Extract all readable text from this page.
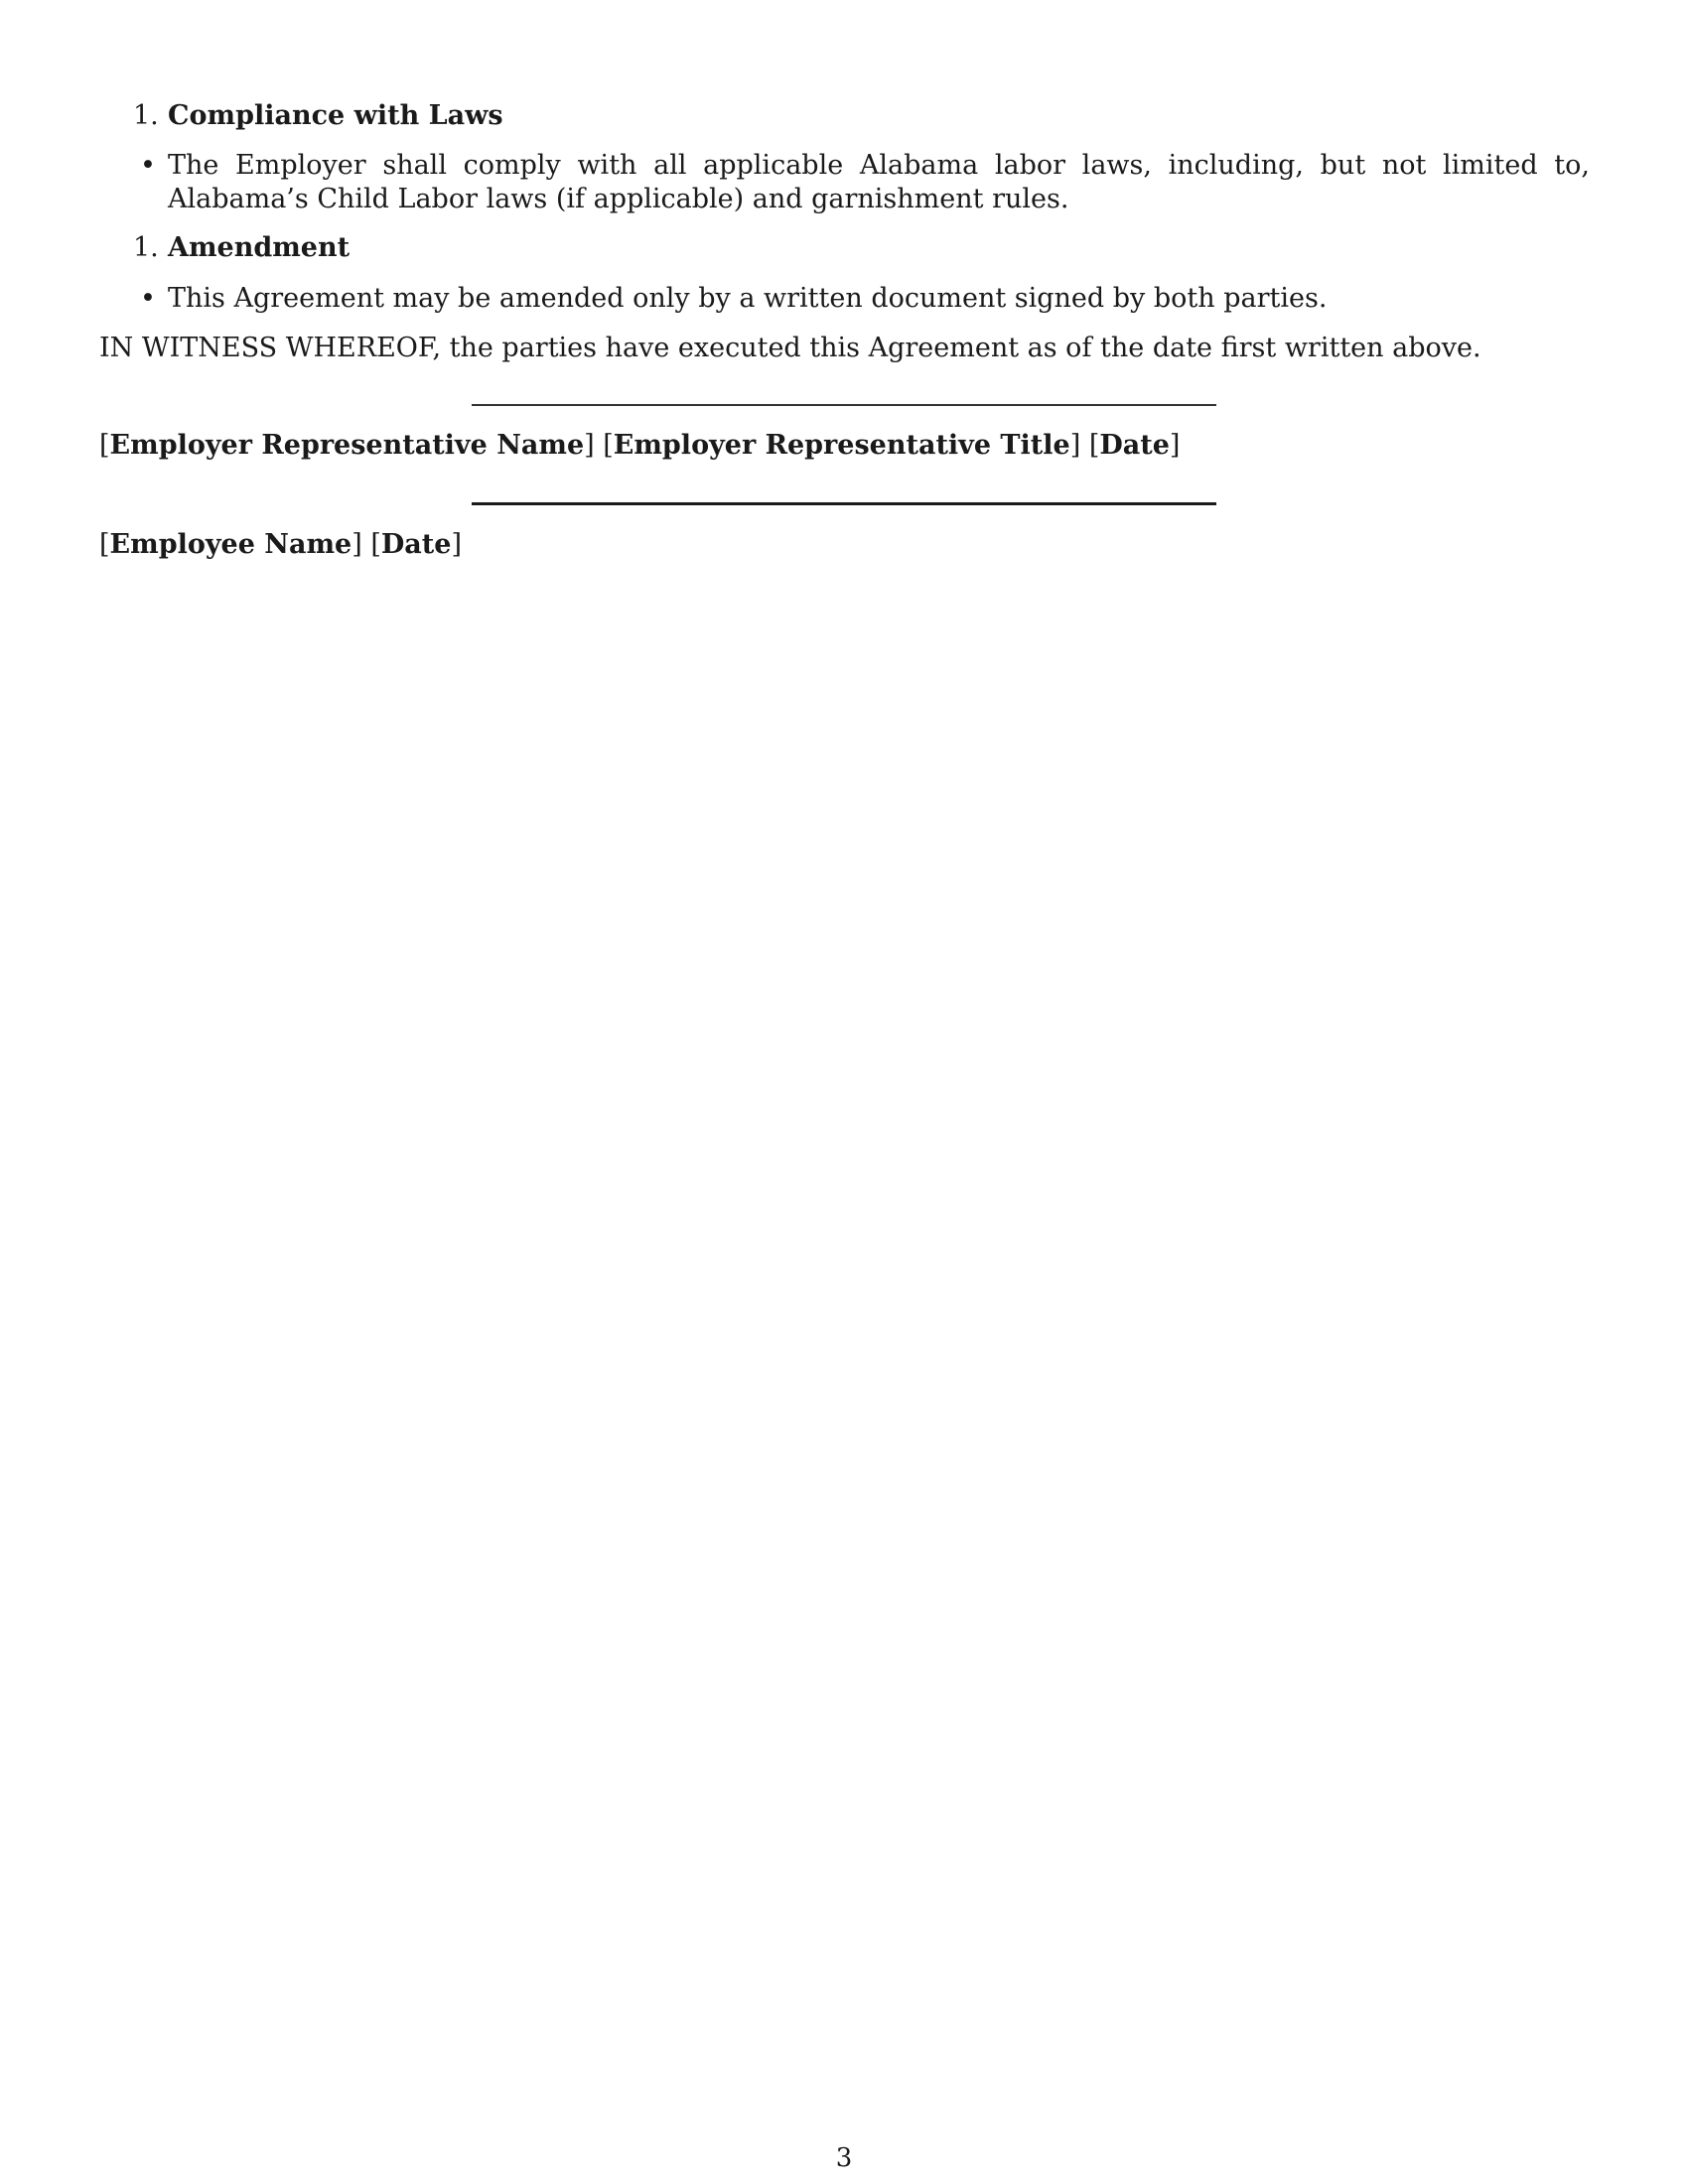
1. Compliance with Laws
• The Employer shall comply with all applicable Alabama labor laws, including, but not limited to, Alabama’s Child Labor laws (if applicable) and garnishment rules.
1. Amendment
• This Agreement may be amended only by a written document signed by both parties.
IN WITNESS WHEREOF, the parties have executed this Agreement as of the date first written above.
[Employer Representative Name] [Employer Representative Title] [Date]
[Employee Name] [Date]
3
